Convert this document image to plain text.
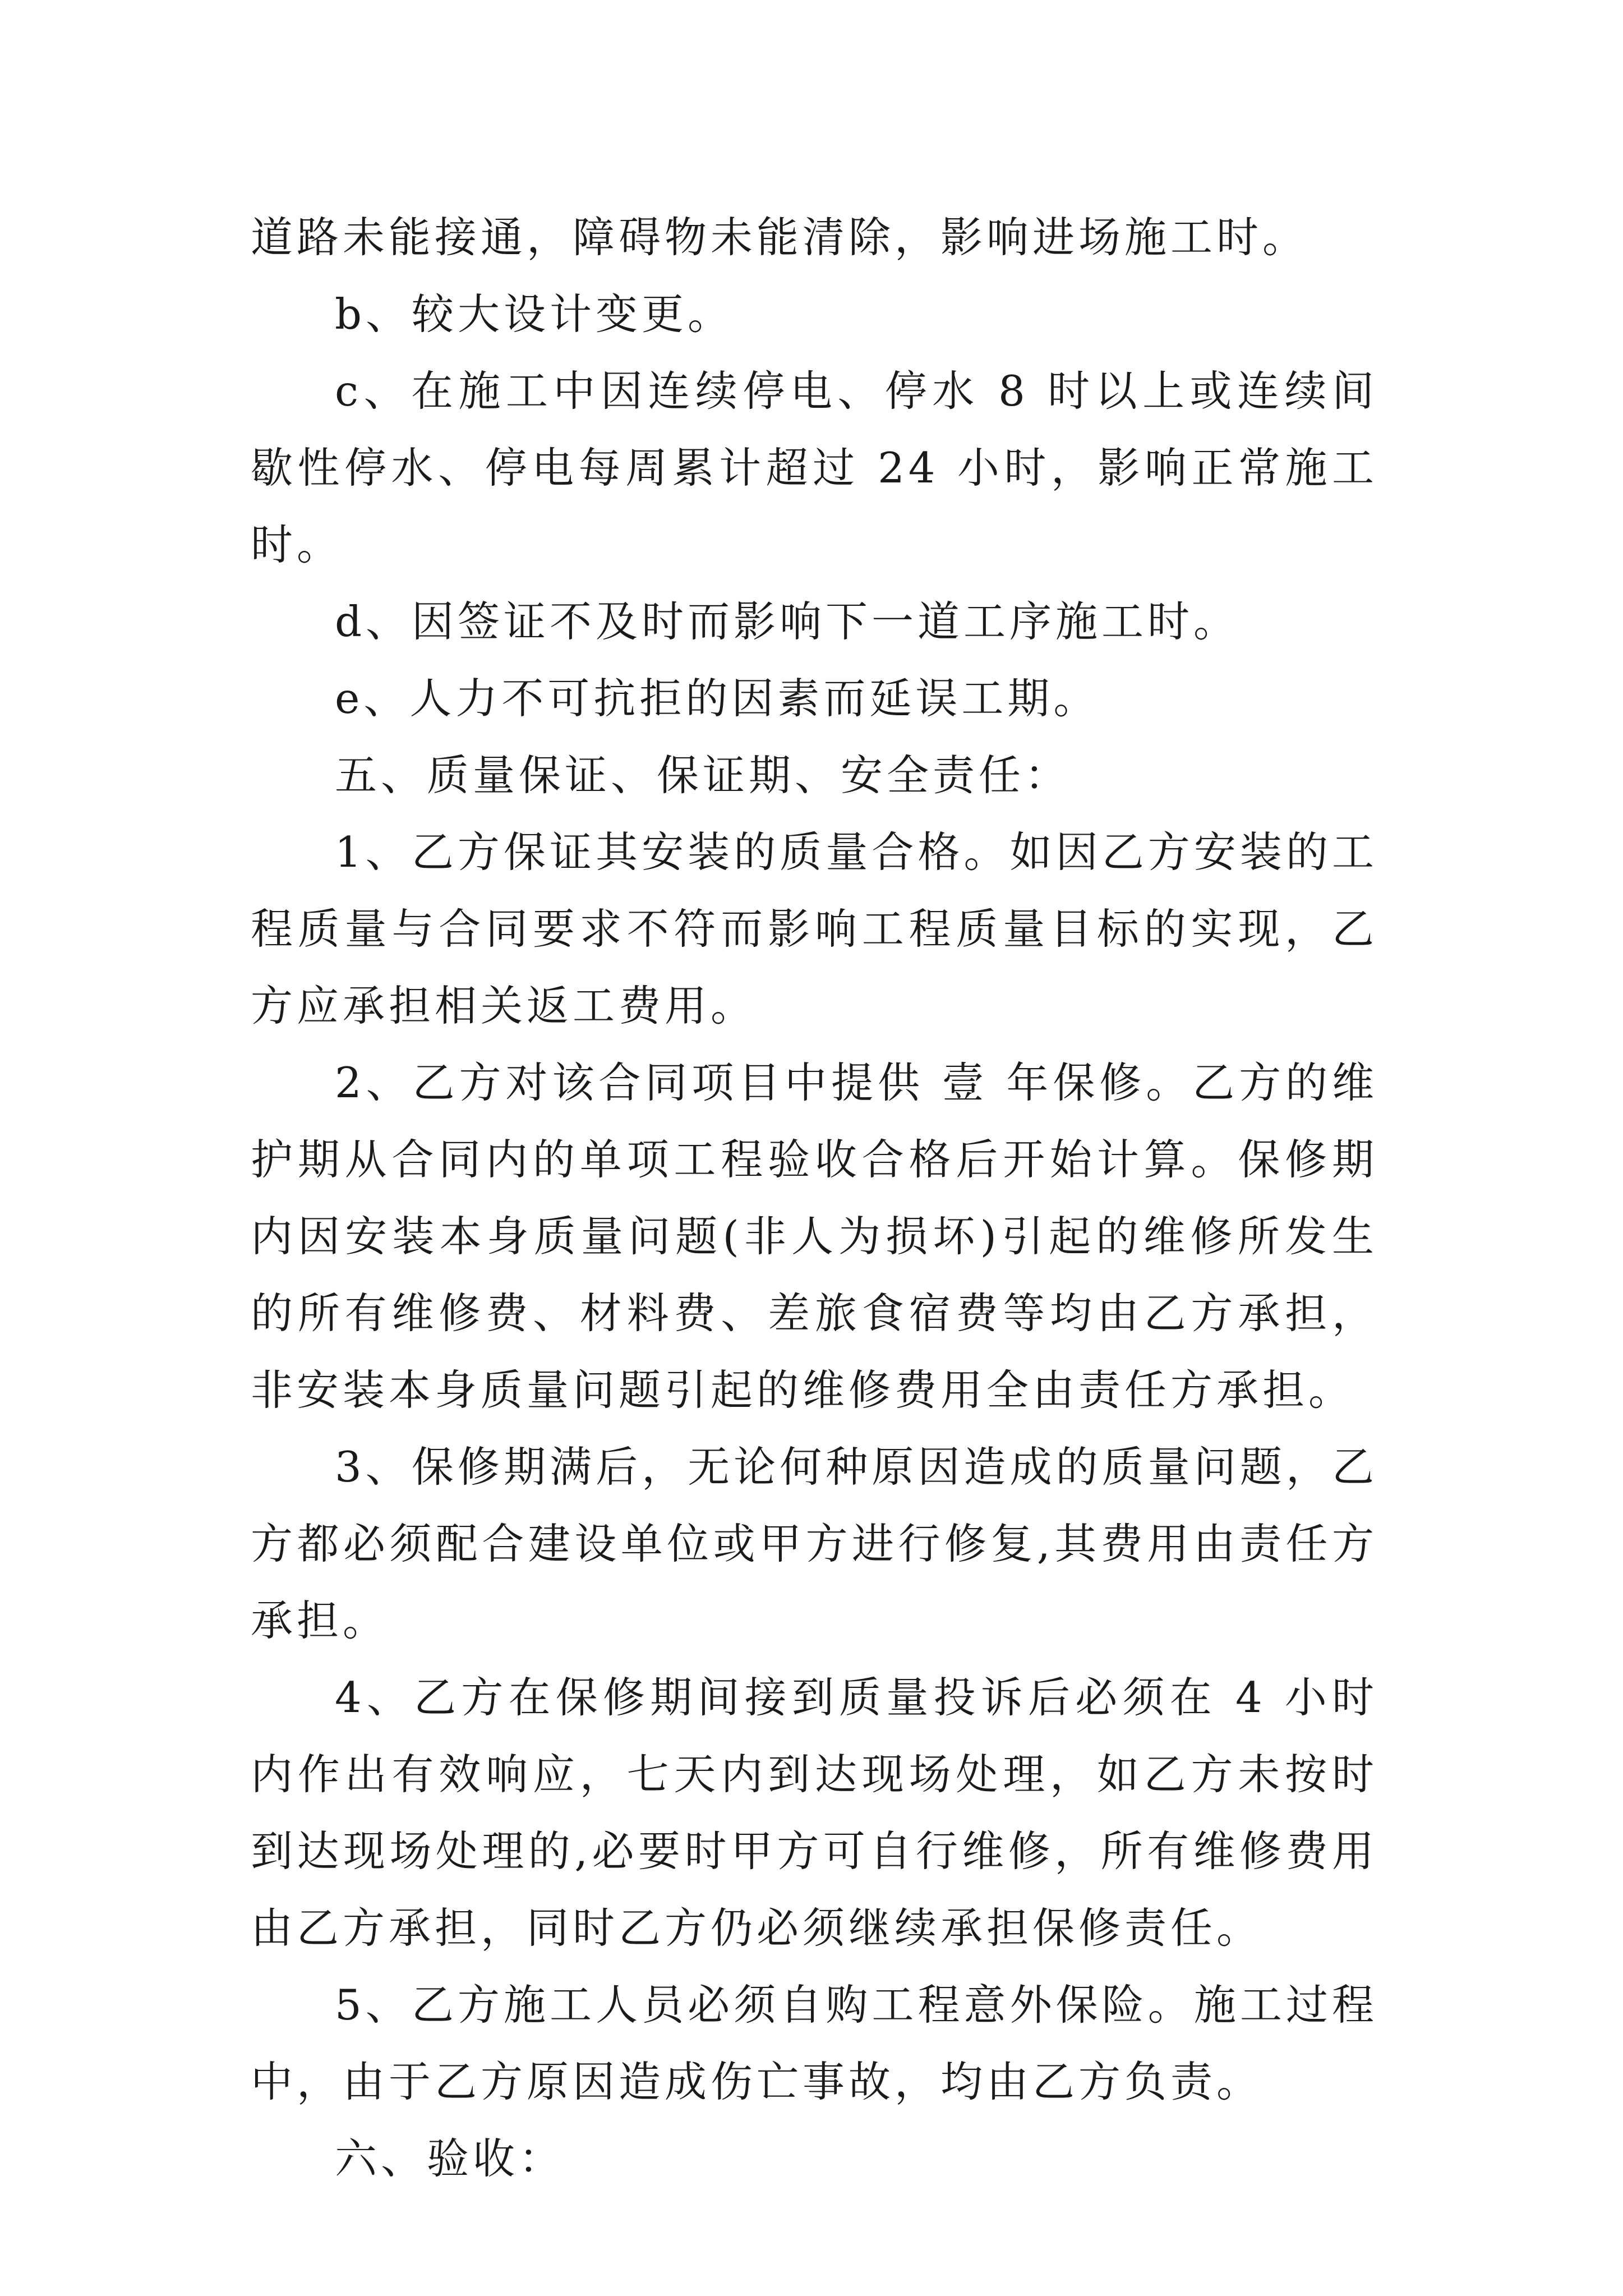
道路未能接通，障碍物未能清除，影响进场施工时。

b、较大设计变更。

c、在施工中因连续停电、停水 8 时以上或连续间歇性停水、停电每周累计超过 24 小时，影响正常施工时。

d、因签证不及时而影响下一道工序施工时。

e、人力不可抗拒的因素而延误工期。

五、质量保证、保证期、安全责任：

1、乙方保证其安装的质量合格。如因乙方安装的工程质量与合同要求不符而影响工程质量目标的实现，乙方应承担相关返工费用。

2、乙方对该合同项目中提供 壹 年保修。乙方的维护期从合同内的单项工程验收合格后开始计算。保修期内因安装本身质量问题(非人为损坏)引起的维修所发生的所有维修费、材料费、差旅食宿费等均由乙方承担，非安装本身质量问题引起的维修费用全由责任方承担。

3、保修期满后，无论何种原因造成的质量问题，乙方都必须配合建设单位或甲方进行修复,其费用由责任方承担。

4、乙方在保修期间接到质量投诉后必须在 4 小时内作出有效响应，七天内到达现场处理，如乙方未按时到达现场处理的,必要时甲方可自行维修，所有维修费用由乙方承担，同时乙方仍必须继续承担保修责任。

5、乙方施工人员必须自购工程意外保险。施工过程中，由于乙方原因造成伤亡事故，均由乙方负责。

六、验收：
